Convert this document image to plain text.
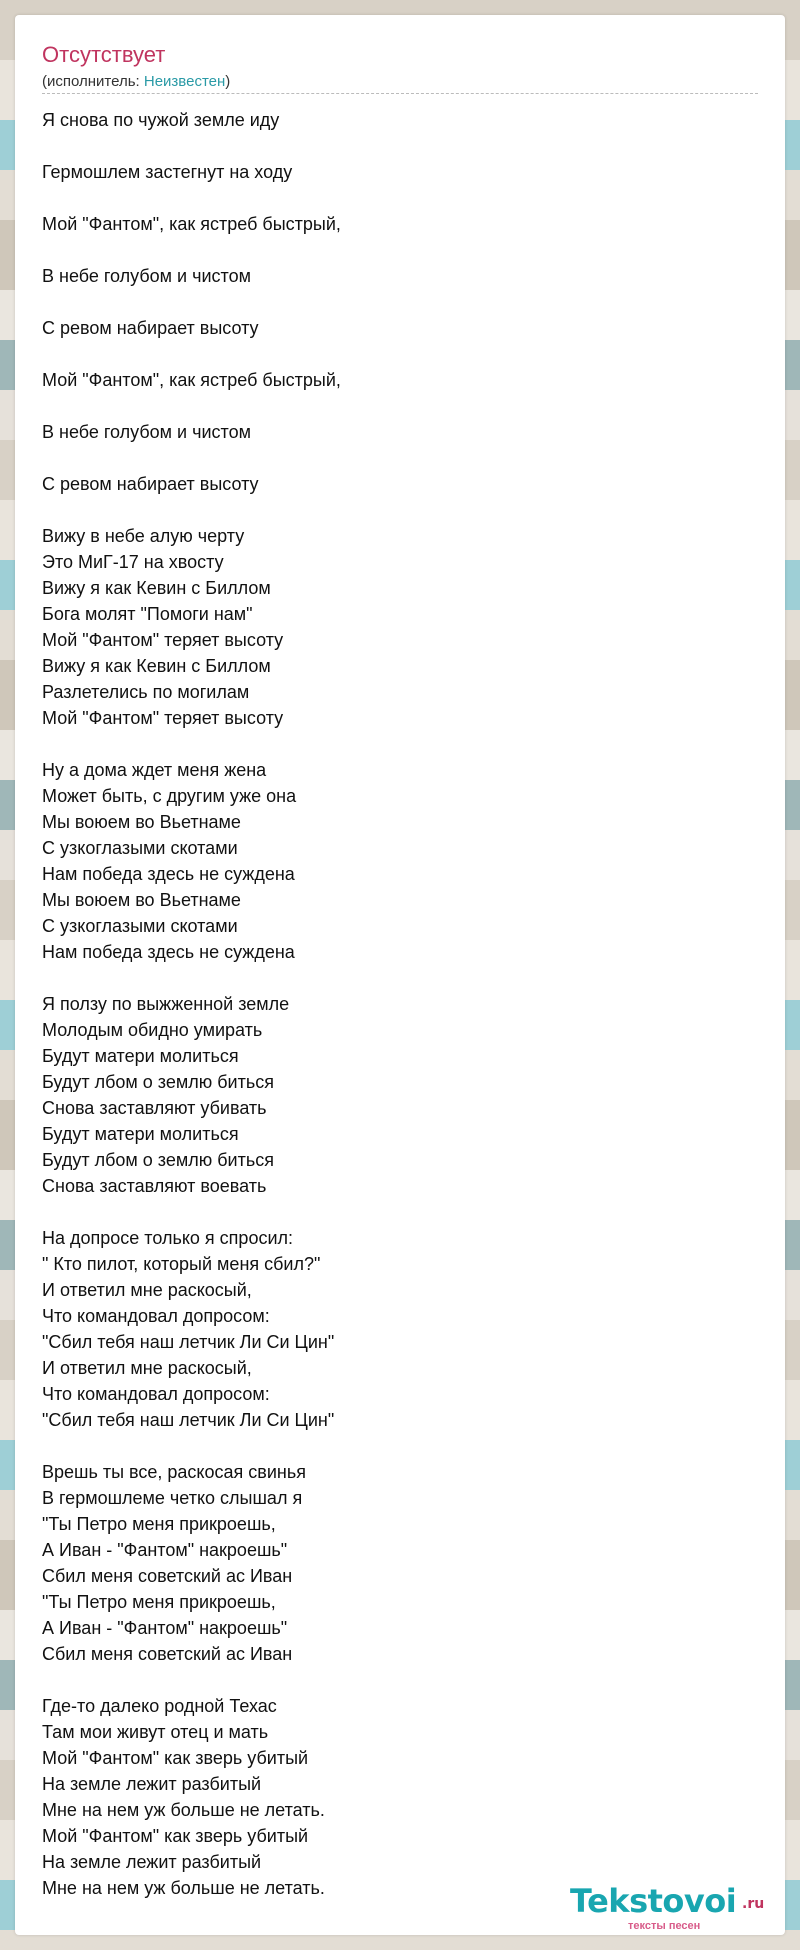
Отсутствует
(исполнитель: Неизвестен)
Я снова по чужой земле иду

Гермошлем застегнут на ходу

Мой "Фантом", как ястреб быстрый,

В небе голубом и чистом

С ревом набирает высоту

Мой "Фантом", как ястреб быстрый,

В небе голубом и чистом

С ревом набирает высоту

Вижу в небе алую черту
Это МиГ-17 на хвосту
Вижу я как Кевин с Биллом
Бога молят "Помоги нам"
Мой "Фантом" теряет высоту
Вижу я как Кевин с Биллом
Разлетелись по могилам
Мой "Фантом" теряет высоту

Ну а дома ждет меня жена
Может быть, с другим уже она
Мы воюем во Вьетнаме
С узкоглазыми скотами
Нам победа здесь не суждена
Мы воюем во Вьетнаме
С узкоглазыми скотами
Нам победа здесь не суждена

Я ползу по выжженной земле
Молодым обидно умирать
Будут матери молиться
Будут лбом о землю биться
Снова заставляют убивать
Будут матери молиться
Будут лбом о землю биться
Снова заставляют воевать

На допросе только я спросил:
" Кто пилот, который меня сбил?"
И ответил мне раскосый,
Что командовал допросом:
"Сбил тебя наш летчик Ли Си Цин"
И ответил мне раскосый,
Что командовал допросом:
"Сбил тебя наш летчик Ли Си Цин"

Врешь ты все, раскосая свинья
В гермошлеме четко слышал я
"Ты Петро меня прикроешь,
А Иван - "Фантом" накроешь"
Сбил меня советский ас Иван
"Ты Петро меня прикроешь,
А Иван - "Фантом" накроешь"
Сбил меня советский ас Иван

Где-то далеко родной Техас
Там мои живут отец и мать
Мой "Фантом" как зверь убитый
На земле лежит разбитый
Мне на нем уж больше не летать.
Мой "Фантом" как зверь убитый
На земле лежит разбитый
Мне на нем уж больше не летать.	Tekstovoi .ru
тексты песен
